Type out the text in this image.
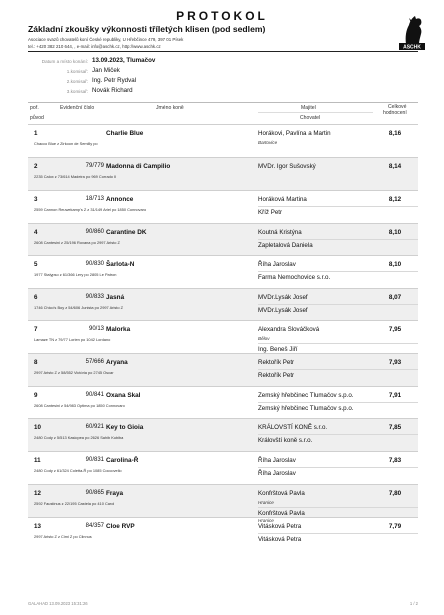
PROTOKOL
Základní zkoušky výkonnosti tříletých klisen (pod sedlem)
Asociace svazů chovatelů koní České republiky, U Hřebčince 479, 397 01 Písek
tel.: +420 382 210 644, , e-mail: info@aschk.cz, http://www.aschk.cz	ASCHK
Datum a místo konání: 13.09.2023, Tlumačov
1.komisař: Jan Miček
2.komisař: Ing. Petr Rydval
3.komisař: Novák Richard
poř.	Evidenční číslo	Jméno koně	Majitel	Celkové
hodnocení
původ	Chovatel
1	Charlie Blue
Chacco Blue z Zirkoon de Semilly po
Horákovi, Pavlína a Martin	8,16
Bartovice
2	79/779 Madonna di Campilio
2235 Calox z 73/614 Madeira po 969 Corrado II
MVDr. Igor Sušovský	8,14
3	18/713 Annonce
2559 Cannon Reuwekamp's Z z 31/149 Ariel po 1850 Connovaro
Horáková Martina	8,12
Kříž Petr
4	90/860 Carantine DK
2608 Cantesini z 25/196 Roxana po 2997 Aristo Z
Koutná Kristýna	8,10
Zapletalová Daniela
5	90/830 Šarlota-N
1977 Stalypso z 61/366 Lery po 2805 Le Patron
Říha Jaroslav	8,10
Farma Nemochovice s.r.o.
6	90/833 Jasná
1746 Chico's Boy z 54/606 Junista po 2997 Aristo Z
MVDr.Lysák Josef	8,07
MVDr.Lysák Josef
7	90/13 Malorka
Lamaze TN z 79/77 Lorien po 1042 Lordano
Alexandra Slováčková	7,95
Bělov
Ing. Beneš Jiří
8	57/666 Aryana
2997 Aristo Z z 58/552 Victória po 2745 Oscar
Rektořík Petr	7,93
Rektořík Petr
9	90/841 Oxana Skal
2608 Cantesini z 54/983 Optima po 1850 Connovaro
Zemský hřebčinec Tlumačov s.p.o.	7,91
Zemský hřebčinec Tlumačov s.p.o.
10	60/921 Key to Gioia
2480 Cody z 5/513 Kasiopea po 2626 Sahib Kubiba
KRÁLOVSTÍ KONĚ s.r.o.	7,85
Královští koně s.r.o.
11	90/831 Carolina-Ř
2480 Cody z 61/324 Coletta-Ř po 1085 Coccovello
Říha Jaroslav	7,83
Říha Jaroslav
12	90/865 Fraya
2592 Faustinus z 22/195 Castela po 410 Carol
Konfrštová Pavla	7,80
Hranice
Konfrštová Pavla
Hranice
13	84/357 Cloe RVP
2997 Aristo Z z Cimi Z po Clinnus
Vitásková Petra	7,79
Vitásková Petra
GALAHAD 13.09.2023 15:31:26	1 / 2
